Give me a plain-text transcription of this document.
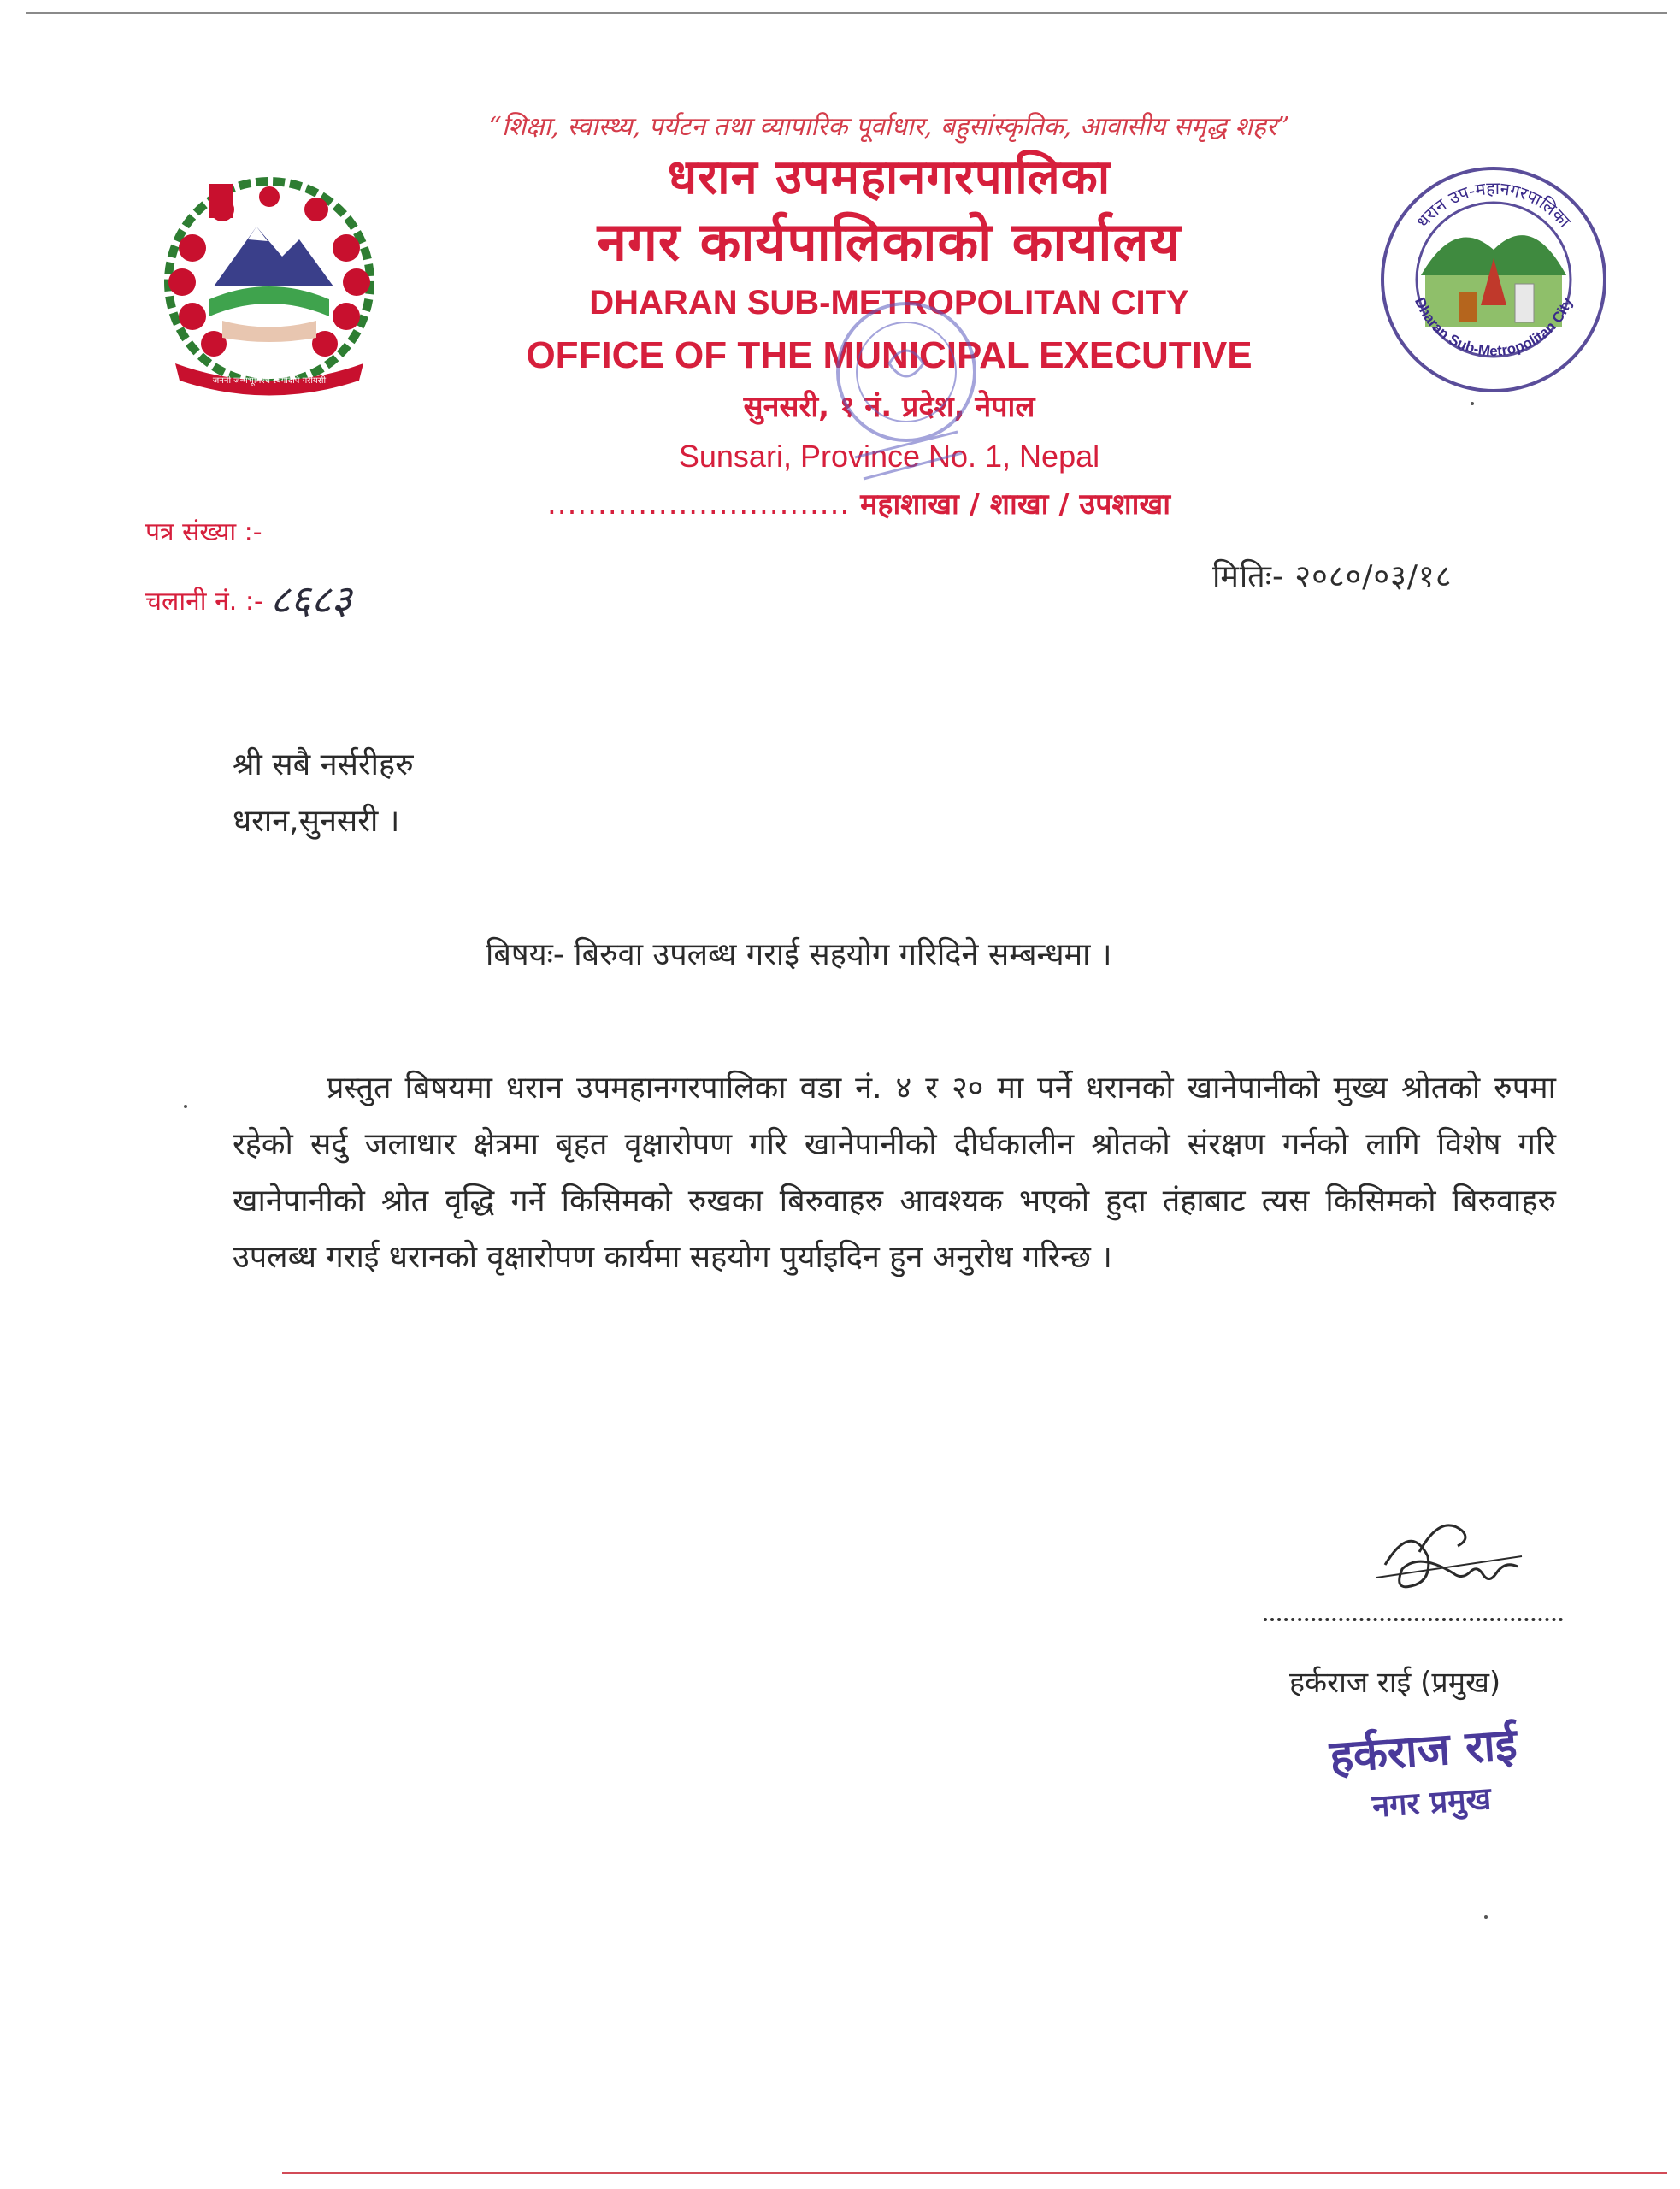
जननी जन्मभूमिश्च स्वर्गादपि गरीयसी

“शिक्षा, स्वास्थ्य, पर्यटन तथा व्यापारिक पूर्वाधार, बहुसांस्कृतिक, आवासीय समृद्ध शहर”

धरान उपमहानगरपालिका

नगर कार्यपालिकाको कार्यालय

DHARAN SUB-METROPOLITAN CITY

OFFICE OF THE MUNICIPAL EXECUTIVE

सुनसरी, १ नं. प्रदेश, नेपाल

Sunsari, Province No. 1, Nepal

धरान उप-महानगरपालिका
Dharan Sub-Metropolitan City
.............................. महाशाखा / शाखा / उपशाखा
पत्र संख्या :-
चलानी नं. :- ८६८३	मितिः- २०८०/०३/१८
श्री सबै नर्सरीहरु
धरान,सुनसरी ।
बिषयः- बिरुवा उपलब्ध गराई सहयोग गरिदिने सम्बन्धमा ।
प्रस्तुत बिषयमा धरान उपमहानगरपालिका वडा नं. ४ र २० मा पर्ने धरानको खानेपानीको मुख्य श्रोतको रुपमा रहेको सर्दु जलाधार क्षेत्रमा बृहत वृक्षारोपण गरि खानेपानीको दीर्घकालीन श्रोतको संरक्षण गर्नको लागि विशेष गरि खानेपानीको श्रोत वृद्धि गर्ने किसिमको रुखका बिरुवाहरु आवश्यक भएको हुदा तंहाबाट त्यस किसिमको बिरुवाहरु उपलब्ध गराई धरानको वृक्षारोपण कार्यमा सहयोग पुर्याइदिन हुन अनुरोध गरिन्छ ।
हर्कराज राई (प्रमुख)
हर्कराज राई
नगर प्रमुख
